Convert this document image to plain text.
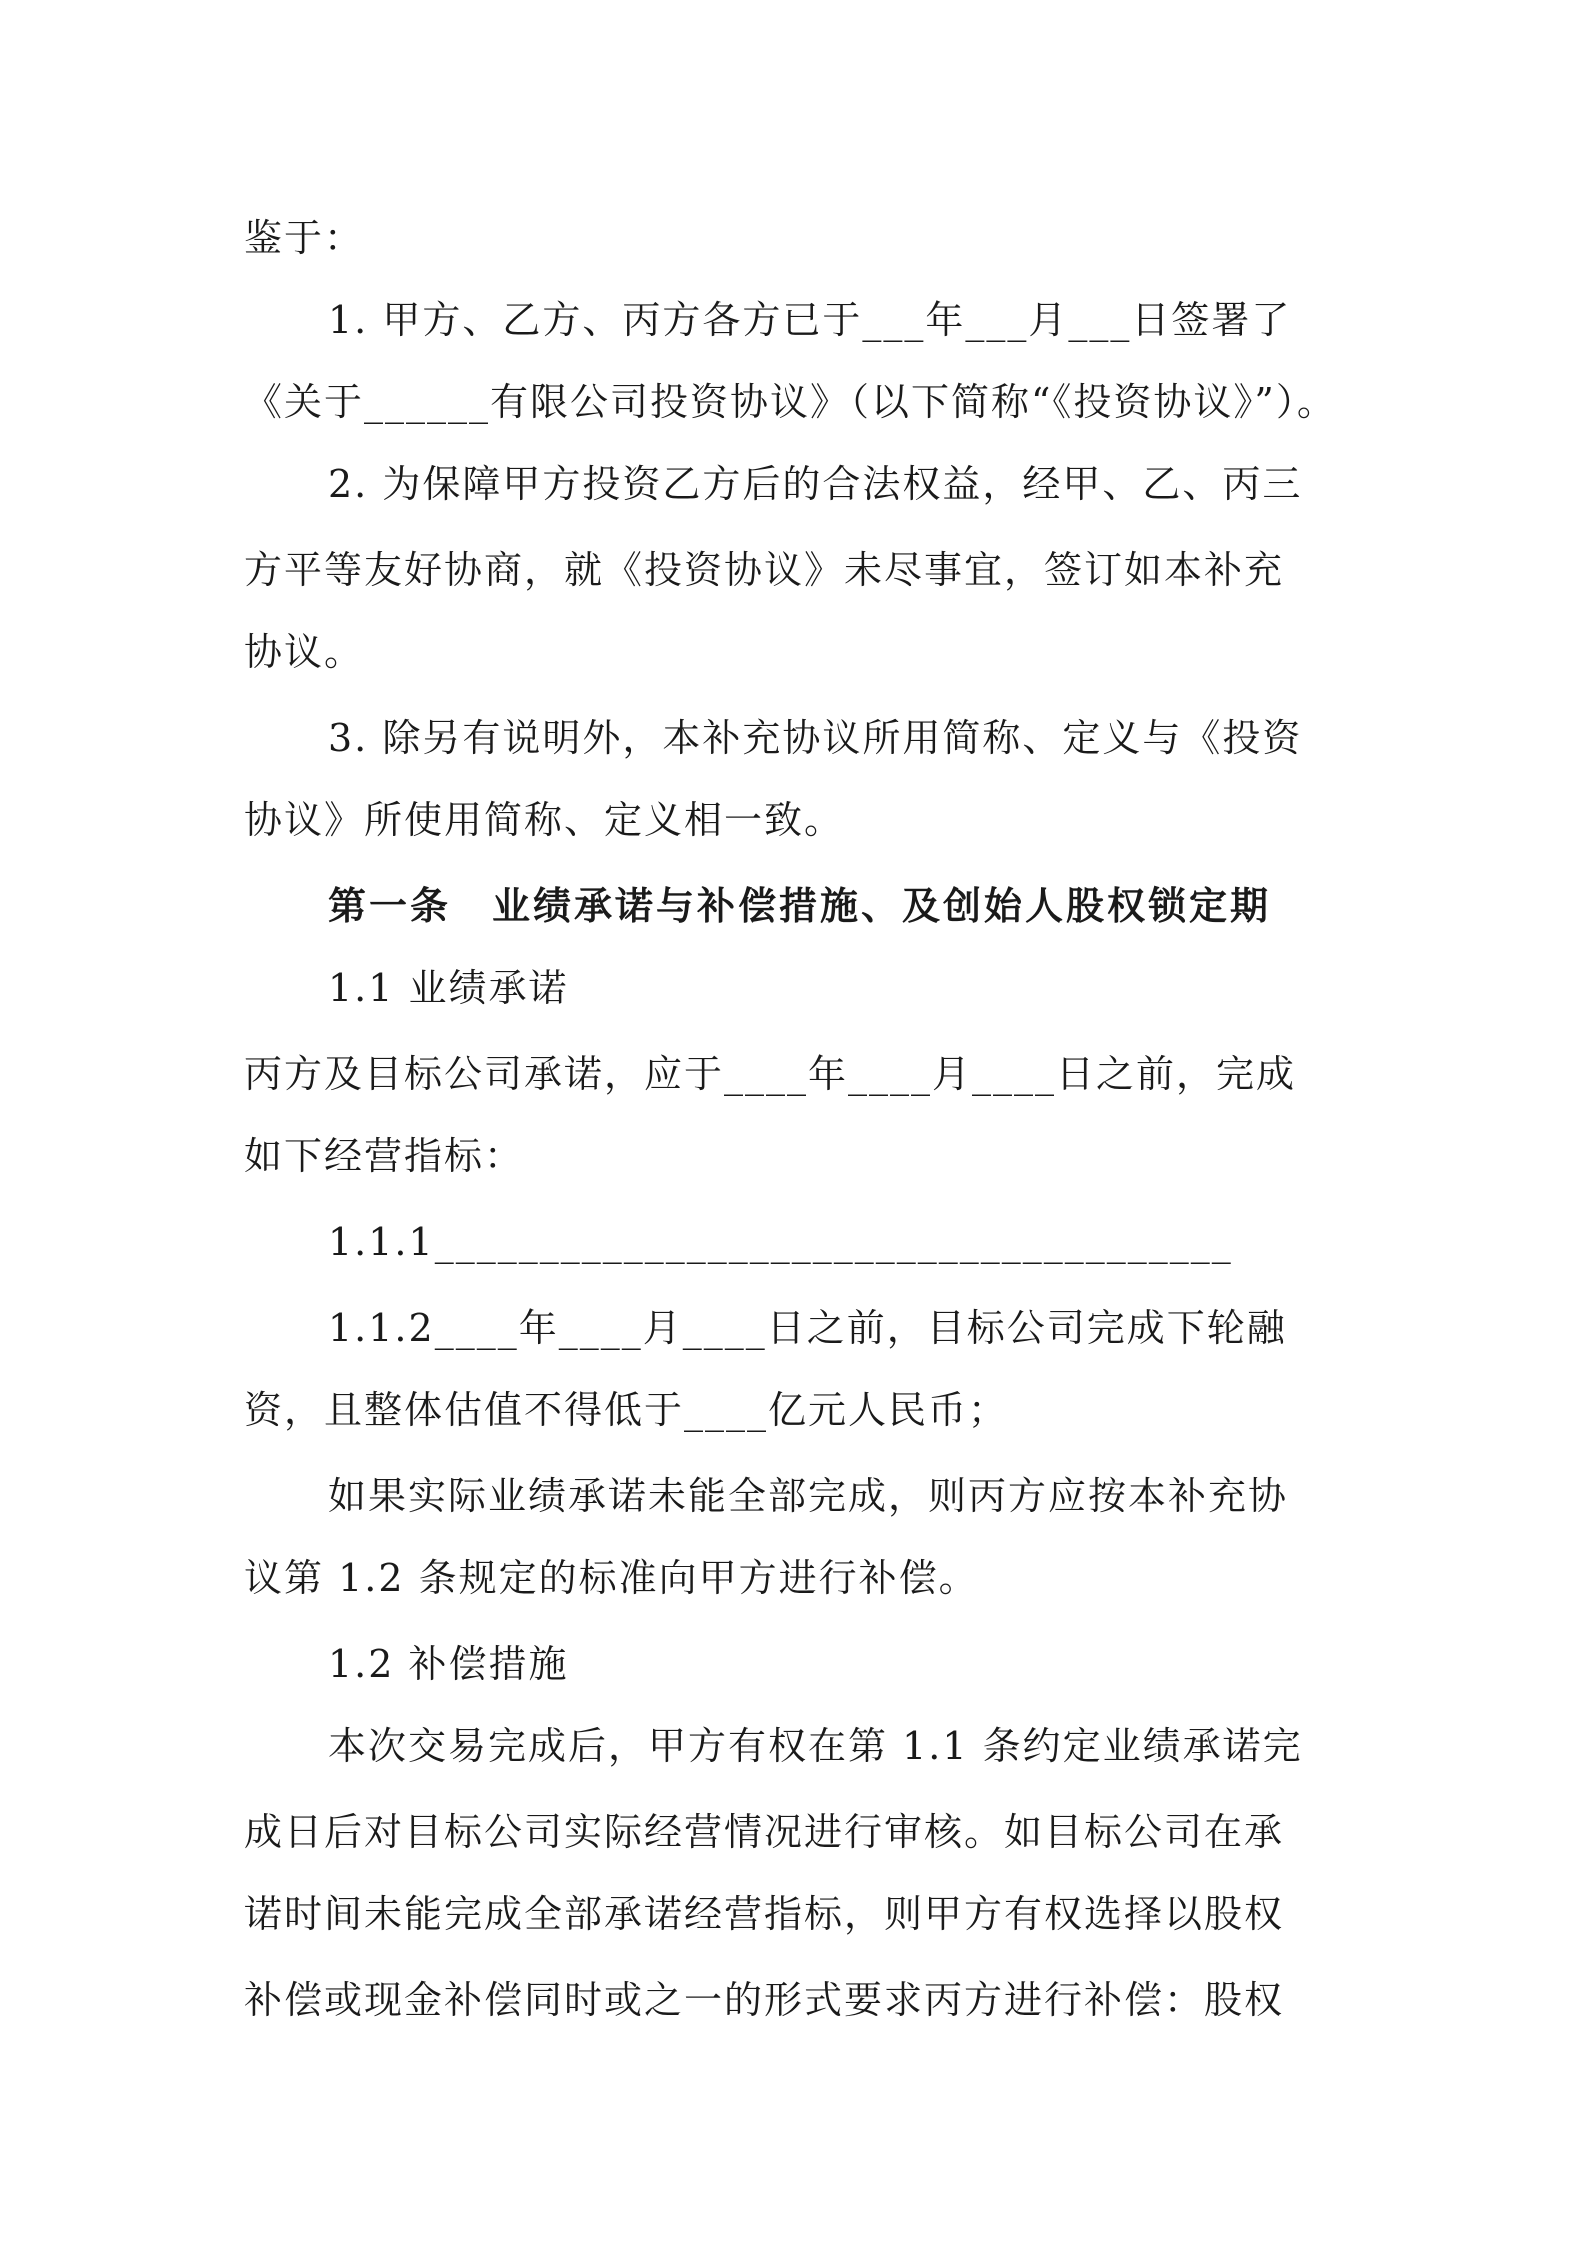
鉴于：
1. 甲方、乙方、丙方各方已于___年___月___日签署了
《关于______有限公司投资协议》（以下简称“《投资协议》”）。
2. 为保障甲方投资乙方后的合法权益，经甲、乙、丙三
方平等友好协商，就《投资协议》未尽事宜，签订如本补充
协议。
3. 除另有说明外，本补充协议所用简称、定义与《投资
协议》所使用简称、定义相一致。
第一条　业绩承诺与补偿措施、及创始人股权锁定期
1.1 业绩承诺
丙方及目标公司承诺，应于____年____月____日之前，完成
如下经营指标：
1.1.1______________________________________
1.1.2____年____月____日之前，目标公司完成下轮融
资，且整体估值不得低于____亿元人民币；
如果实际业绩承诺未能全部完成，则丙方应按本补充协
议第 1.2 条规定的标准向甲方进行补偿。
1.2 补偿措施
本次交易完成后，甲方有权在第 1.1 条约定业绩承诺完
成日后对目标公司实际经营情况进行审核。如目标公司在承
诺时间未能完成全部承诺经营指标，则甲方有权选择以股权
补偿或现金补偿同时或之一的形式要求丙方进行补偿：股权
